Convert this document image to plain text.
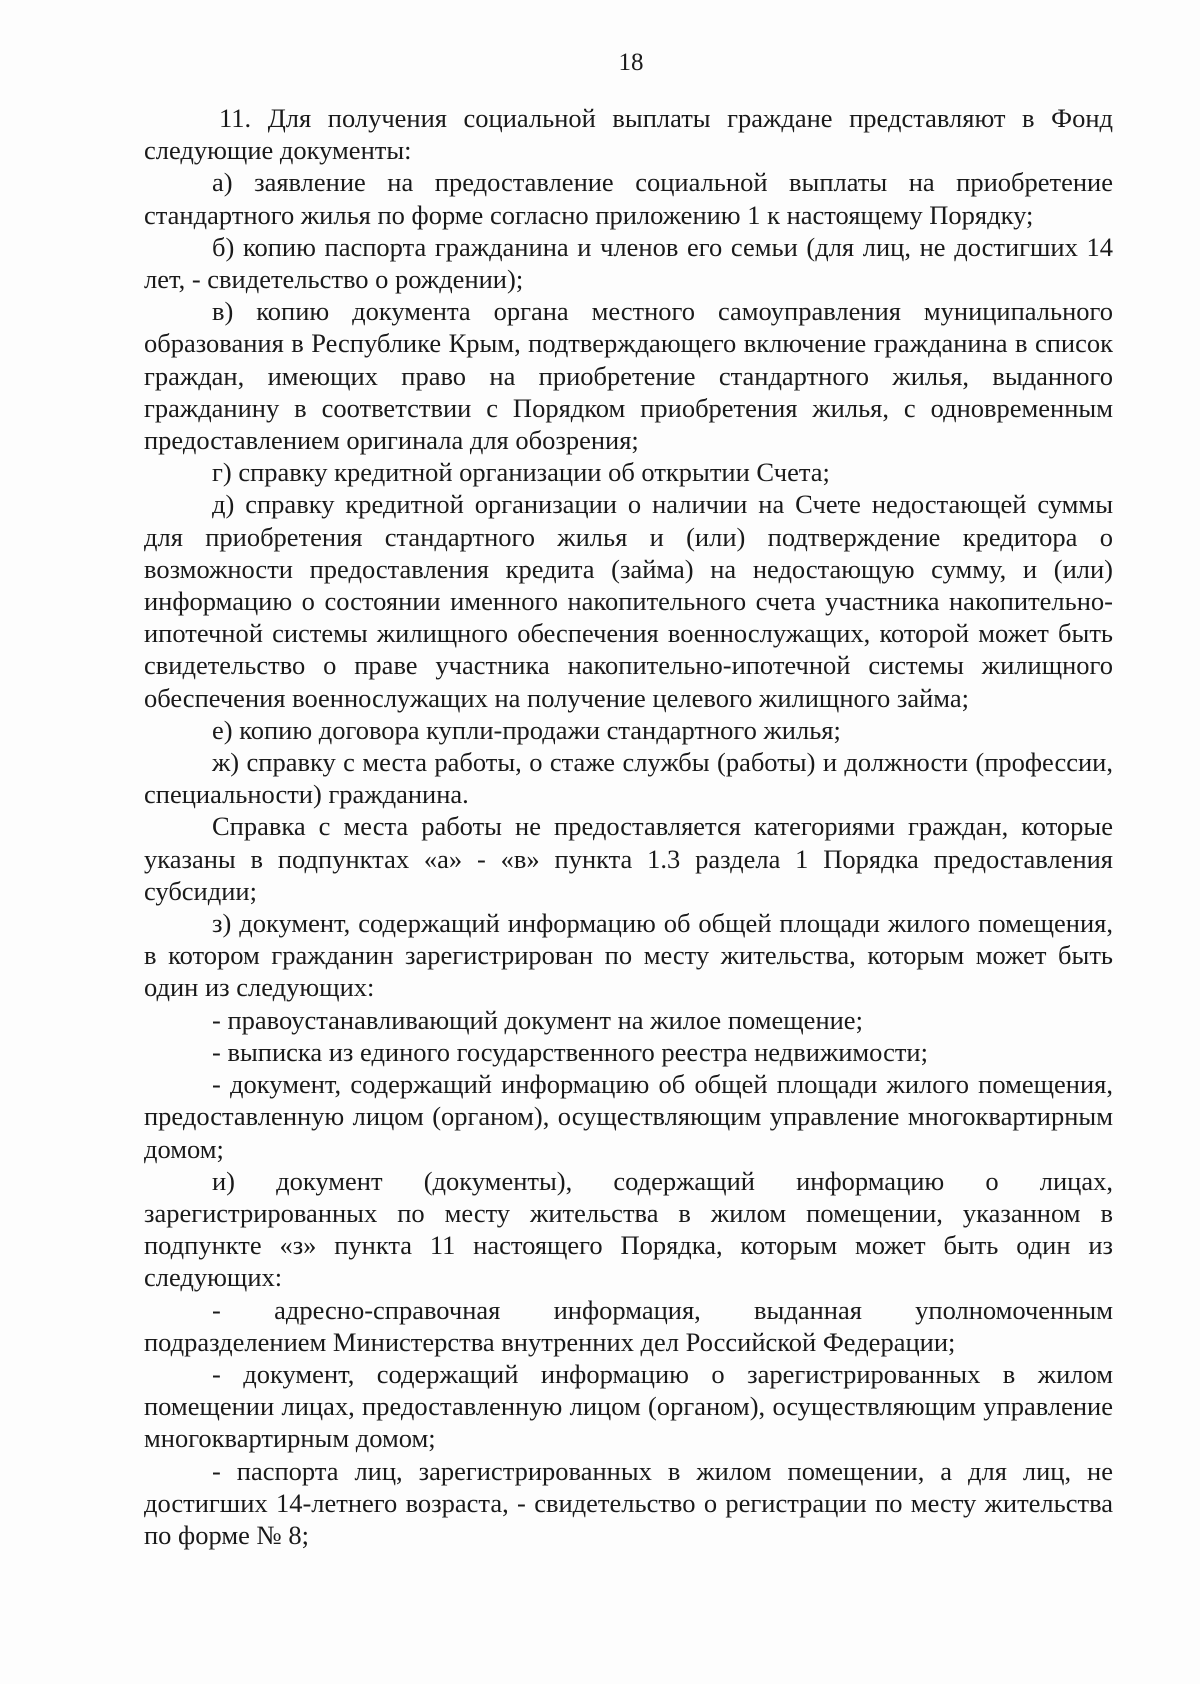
18

11. Для получения социальной выплаты граждане представляют в Фонд следующие документы:

а) заявление на предоставление социальной выплаты на приобретение стандартного жилья по форме согласно приложению 1 к настоящему Порядку;

б) копию паспорта гражданина и членов его семьи (для лиц, не достигших 14 лет, - свидетельство о рождении);

в) копию документа органа местного самоуправления муниципального образования в Республике Крым, подтверждающего включение гражданина в список граждан, имеющих право на приобретение стандартного жилья, выданного гражданину в соответствии с Порядком приобретения жилья, с одновременным предоставлением оригинала для обозрения;

г) справку кредитной организации об открытии Счета;

д) справку кредитной организации о наличии на Счете недостающей суммы для приобретения стандартного жилья и (или) подтверждение кредитора о возможности предоставления кредита (займа) на недостающую сумму, и (или) информацию о состоянии именного накопительного счета участника накопительно-ипотечной системы жилищного обеспечения военнослужащих, которой может быть свидетельство о праве участника накопительно-ипотечной системы жилищного обеспечения военнослужащих на получение целевого жилищного займа;

е) копию договора купли-продажи стандартного жилья;

ж) справку с места работы, о стаже службы (работы) и должности (профессии, специальности) гражданина.

Справка с места работы не предоставляется категориями граждан, которые указаны в подпунктах «а» - «в» пункта 1.3 раздела 1 Порядка предоставления субсидии;

з) документ, содержащий информацию об общей площади жилого помещения, в котором гражданин зарегистрирован по месту жительства, которым может быть один из следующих:

- правоустанавливающий документ на жилое помещение;

- выписка из единого государственного реестра недвижимости;

- документ, содержащий информацию об общей площади жилого помещения, предоставленную лицом (органом), осуществляющим управление многоквартирным домом;

и) документ (документы), содержащий информацию о лицах, зарегистрированных по месту жительства в жилом помещении, указанном в подпункте «з» пункта 11 настоящего Порядка, которым может быть один из следующих:

- адресно-справочная информация, выданная уполномоченным подразделением Министерства внутренних дел Российской Федерации;

- документ, содержащий информацию о зарегистрированных в жилом помещении лицах, предоставленную лицом (органом), осуществляющим управление многоквартирным домом;

- паспорта лиц, зарегистрированных в жилом помещении, а для лиц, не достигших 14-летнего возраста, - свидетельство о регистрации по месту жительства по форме № 8;
